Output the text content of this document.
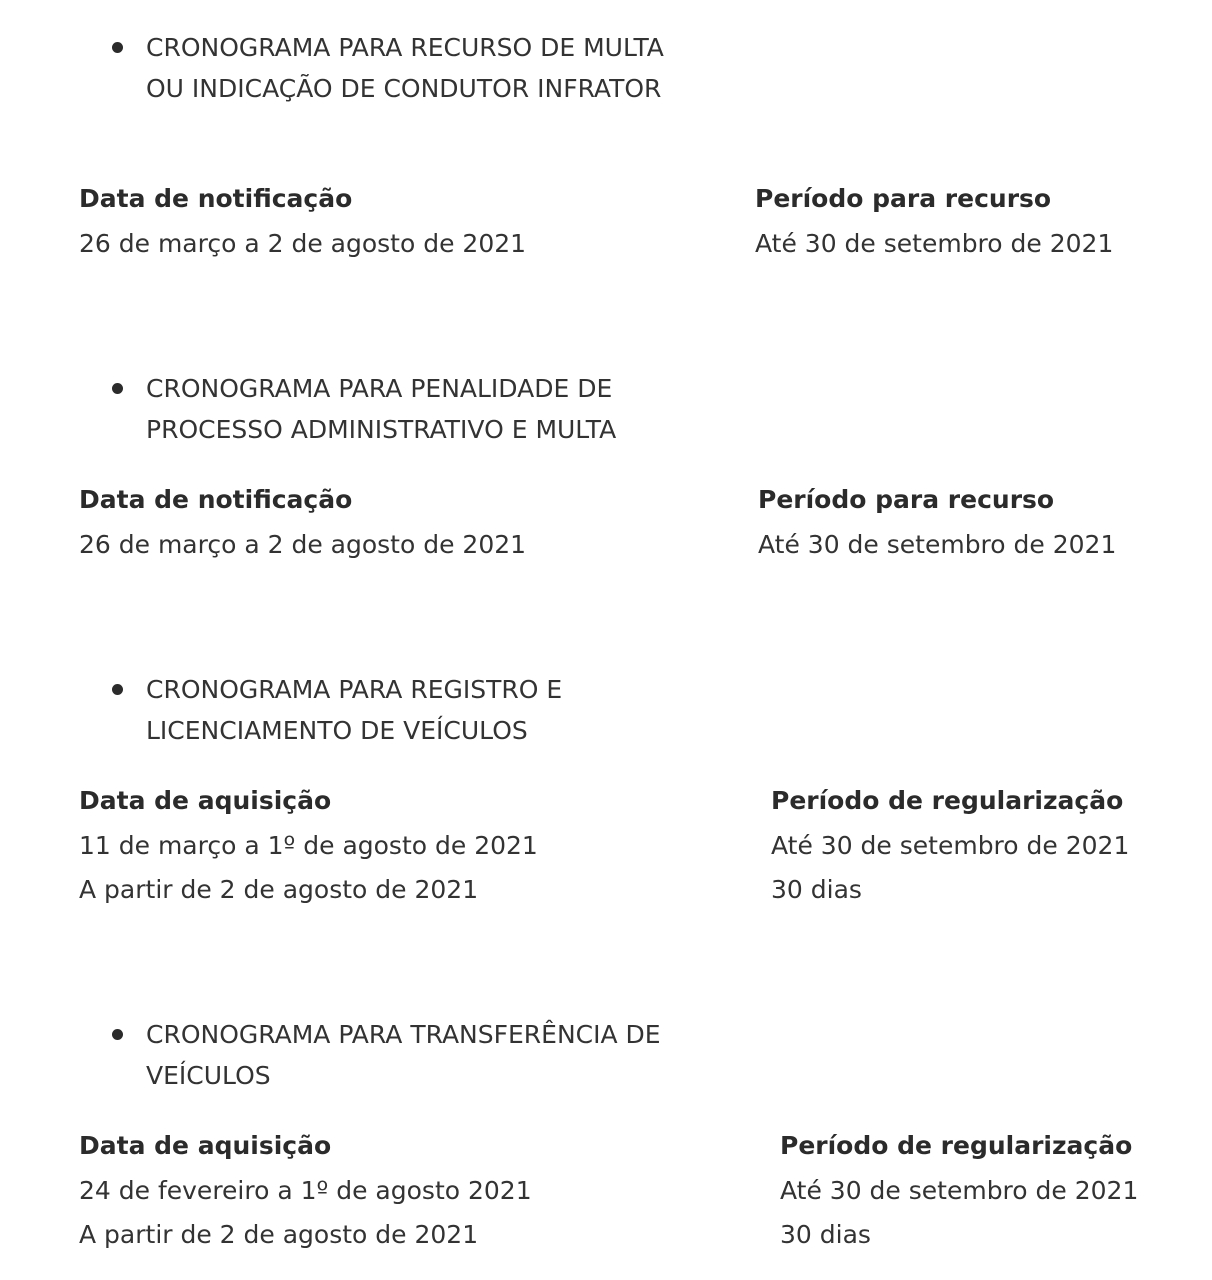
CRONOGRAMA PARA RECURSO DE MULTA OU INDICAÇÃO DE CONDUTOR INFRATOR

Data de notificação

26 de março a 2 de agosto de 2021

Período para recurso

Até 30 de setembro de 2021

CRONOGRAMA PARA PENALIDADE DE PROCESSO ADMINISTRATIVO E MULTA

Data de notificação

26 de março a 2 de agosto de 2021

Período para recurso

Até 30 de setembro de 2021

CRONOGRAMA PARA REGISTRO E LICENCIAMENTO DE VEÍCULOS

Data de aquisição

11 de março a 1º de agosto de 2021

A partir de 2 de agosto de 2021

Período de regularização

Até 30 de setembro de 2021

30 dias

CRONOGRAMA PARA TRANSFERÊNCIA DE VEÍCULOS

Data de aquisição

24 de fevereiro a 1º de agosto 2021

A partir de 2 de agosto de 2021

Período de regularização

Até 30 de setembro de 2021

30 dias
